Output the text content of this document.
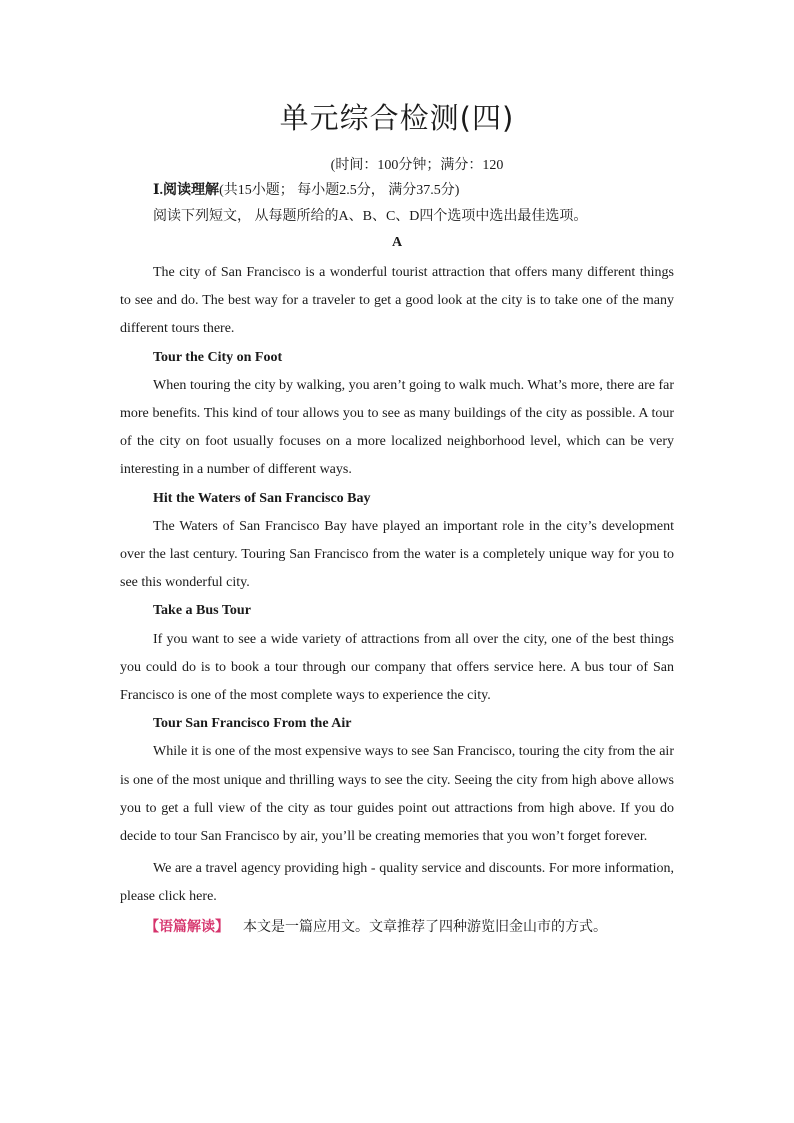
单元综合检测(四)

(时间：100分钟；满分：120

Ⅰ.阅读理解(共15小题； 每小题2.5分， 满分37.5分)

阅读下列短文， 从每题所给的A、B、C、D四个选项中选出最佳选项。

A

The city of San Francisco is a wonderful tourist attraction that offers many different things to see and do. The best way for a traveler to get a good look at the city is to take one of the many different tours there.

Tour the City on Foot

When touring the city by walking, you aren’t going to walk much. What’s more, there are far more benefits. This kind of tour allows you to see as many buildings of the city as possible. A tour of the city on foot usually focuses on a more localized neighborhood level, which can be very interesting in a number of different ways.

Hit the Waters of San Francisco Bay

The Waters of San Francisco Bay have played an important role in the city’s development over the last century. Touring San Francisco from the water is a completely unique way for you to see this wonderful city.

Take a Bus Tour

If you want to see a wide variety of attractions from all over the city, one of the best things you could do is to book a tour through our company that offers service here. A bus tour of San Francisco is one of the most complete ways to experience the city.

Tour San Francisco From the Air

While it is one of the most expensive ways to see San Francisco, touring the city from the air is one of the most unique and thrilling ways to see the city. Seeing the city from high above allows you to get a full view of the city as tour guides point out attractions from high above. If you do decide to tour San Francisco by air, you’ll be creating memories that you won’t forget forever.

We are a travel agency providing high - quality service and discounts. For more information, please click here.

【语篇解读】 本文是一篇应用文。文章推荐了四种游览旧金山市的方式。
